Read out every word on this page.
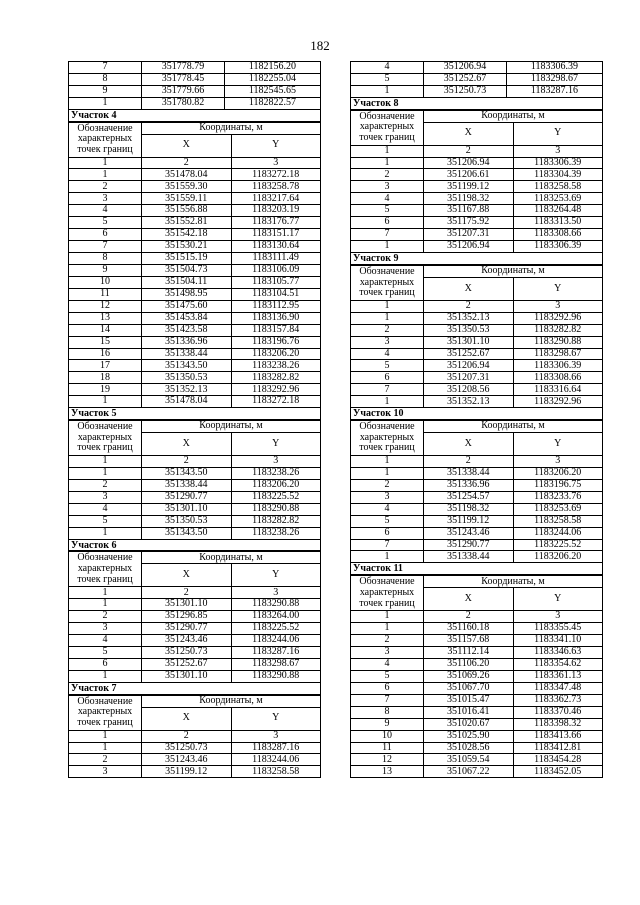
182
7	351778.79	1182156.20
8	351778.45	1182255.04
9	351779.66	1182545.65
1	351780.82	1182822.57
Участок 4
Обозначение
характерных
точек границ	Координаты, м	
	X	Y
1	2	3
1	351478.04	1183272.18
2	351559.30	1183258.78
3	351559.11	1183217.64
4	351556.88	1183203.19
5	351552.81	1183176.77
6	351542.18	1183151.17
7	351530.21	1183130.64
8	351515.19	1183111.49
9	351504.73	1183106.09
10	351504.11	1183105.77
11	351498.95	1183104.51
12	351475.60	1183112.95
13	351453.84	1183136.90
14	351423.58	1183157.84
15	351336.96	1183196.76
16	351338.44	1183206.20
17	351343.50	1183238.26
18	351350.53	1183282.82
19	351352.13	1183292.96
1	351478.04	1183272.18
Участок 5
Обозначение
характерных
точек границ	Координаты, м	
	X	Y
1	2	3
1	351343.50	1183238.26
2	351338.44	1183206.20
3	351290.77	1183225.52
4	351301.10	1183290.88
5	351350.53	1183282.82
1	351343.50	1183238.26
Участок 6
Обозначение
характерных
точек границ	Координаты, м	
	X	Y
1	2	3
1	351301.10	1183290.88
2	351296.85	1183264.00
3	351290.77	1183225.52
4	351243.46	1183244.06
5	351250.73	1183287.16
6	351252.67	1183298.67
1	351301.10	1183290.88
Участок 7
Обозначение
характерных
точек границ	Координаты, м	
	X	Y
1	2	3
1	351250.73	1183287.16
2	351243.46	1183244.06
3	351199.12	1183258.58
4	351206.94	1183306.39
5	351252.67	1183298.67
1	351250.73	1183287.16
Участок 8
Обозначение
характерных
точек границ	Координаты, м	
	X	Y
1	2	3
1	351206.94	1183306.39
2	351206.61	1183304.39
3	351199.12	1183258.58
4	351198.32	1183253.69
5	351167.88	1183264.48
6	351175.92	1183313.50
7	351207.31	1183308.66
1	351206.94	1183306.39
Участок 9
Обозначение
характерных
точек границ	Координаты, м	
	X	Y
1	2	3
1	351352.13	1183292.96
2	351350.53	1183282.82
3	351301.10	1183290.88
4	351252.67	1183298.67
5	351206.94	1183306.39
6	351207.31	1183308.66
7	351208.56	1183316.64
1	351352.13	1183292.96
Участок 10
Обозначение
характерных
точек границ	Координаты, м	
	X	Y
1	2	3
1	351338.44	1183206.20
2	351336.96	1183196.75
3	351254.57	1183233.76
4	351198.32	1183253.69
5	351199.12	1183258.58
6	351243.46	1183244.06
7	351290.77	1183225.52
1	351338.44	1183206.20
Участок 11
Обозначение
характерных
точек границ	Координаты, м	
	X	Y
1	2	3
1	351160.18	1183355.45
2	351157.68	1183341.10
3	351112.14	1183346.63
4	351106.20	1183354.62
5	351069.26	1183361.13
6	351067.70	1183347.48
7	351015.47	1183362.73
8	351016.41	1183370.46
9	351020.67	1183398.32
10	351025.90	1183413.66
11	351028.56	1183412.81
12	351059.54	1183454.28
13	351067.22	1183452.05
